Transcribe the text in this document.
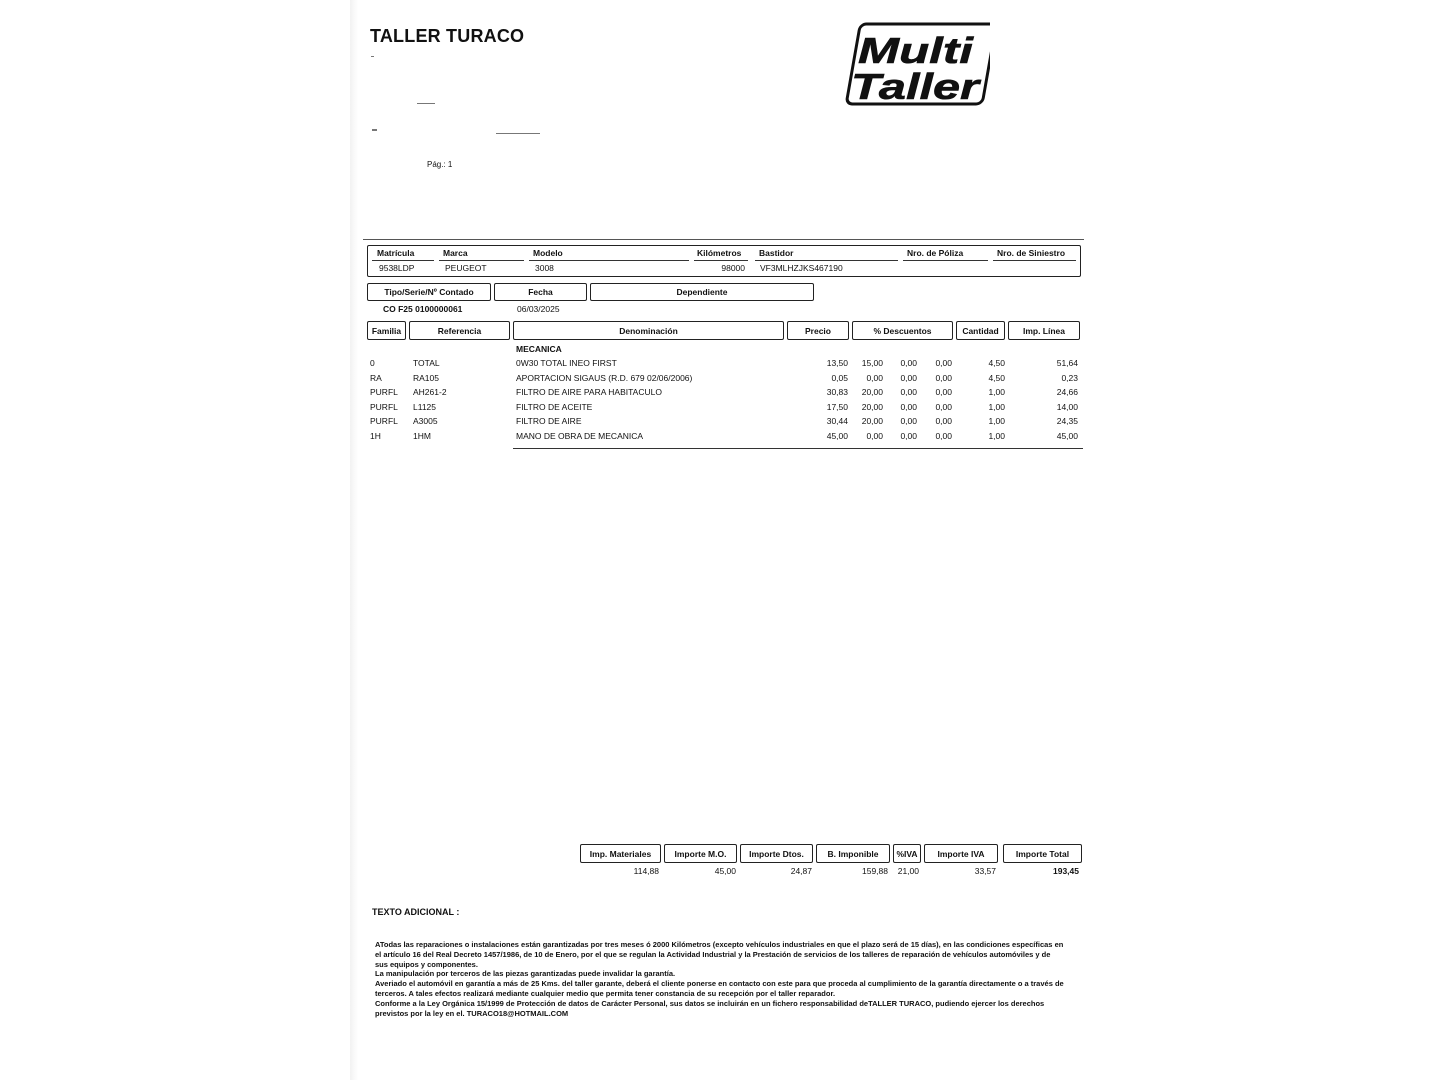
TALLER TURACO
Pág.: 1
Multi
Taller
Matrícula	Marca	Modelo	Kilómetros Bastidor	Nro. de Póliza	Nro. de Siniestro
9538LDP	PEUGEOT	3008	98000 VF3MLHZJKS467190
Tipo/Serie/Nº Contado	Fecha	Dependiente
CO F25 0100000061	06/03/2025
Familia	Referencia	Denominación	Precio	% Descuentos	Cantidad	Imp. Línea
MECANICA
0	TOTAL	0W30 TOTAL INEO FIRST	13,50	15,00	0,00	0,00	4,50	51,64
RA	RA105	APORTACION SIGAUS (R.D. 679 02/06/2006)	0,05	0,00	0,00	0,00	4,50	0,23
PURFL	AH261-2	FILTRO DE AIRE PARA HABITACULO	30,83	20,00	0,00	0,00	1,00	24,66
PURFL	L1125	FILTRO DE ACEITE	17,50	20,00	0,00	0,00	1,00	14,00
PURFL	A3005	FILTRO DE AIRE	30,44	20,00	0,00	0,00	1,00	24,35
1H	1HM	MANO DE OBRA DE MECANICA	45,00	0,00	0,00	0,00	1,00	45,00
Imp. Materiales	Importe M.O.	Importe Dtos.	B. Imponible	%IVA	Importe IVA	Importe Total
114,88	45,00	24,87	159,88	21,00	33,57	193,45
TEXTO ADICIONAL :

ATodas las reparaciones o instalaciones están garantizadas por tres meses ó 2000 Kilómetros (excepto vehículos industriales en que el plazo será de 15 días), en las condiciones específicas en el artículo 16 del Real Decreto 1457/1986, de 10 de Enero, por el que se regulan la Actividad Industrial y la Prestación de servicios de los talleres de reparación de vehículos automóviles y de sus equipos y componentes.

La manipulación por terceros de las piezas garantizadas puede invalidar la garantía.

Averiado el automóvil en garantía a más de 25 Kms. del taller garante, deberá el cliente ponerse en contacto con este para que proceda al cumplimiento de la garantía directamente o a través de terceros. A tales efectos realizará mediante cualquier medio que permita tener constancia de su recepción por el taller reparador.

Conforme a la Ley Orgánica 15/1999 de Protección de datos de Carácter Personal, sus datos se incluirán en un fichero responsabilidad deTALLER TURACO, pudiendo ejercer los derechos previstos por la ley en el. TURACO18@HOTMAIL.COM
